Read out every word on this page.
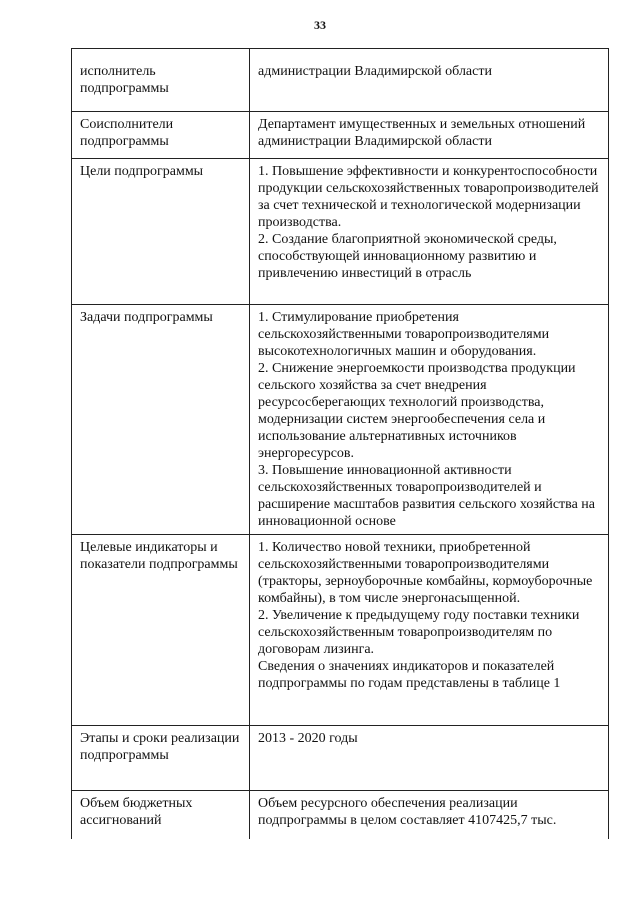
33
исполнитель подпрограммы	администрации Владимирской области

Соисполнители подпрограммы	Департамент имущественных и земельных отношений администрации Владимирской области

Цели подпрограммы	1. Повышение эффективности и конкурентоспособности продукции сельскохозяйственных товаропроизводителей за счет технической и технологической модернизации производства.
2. Создание благоприятной экономической среды, способствующей инновационному развитию и привлечению инвестиций в отрасль

Задачи подпрограммы	1. Стимулирование приобретения сельскохозяйственными товаропроизводителями высокотехнологичных машин и оборудования.
2. Снижение энергоемкости производства продукции сельского хозяйства за счет внедрения ресурсосберегающих технологий производства, модернизации систем энергообеспечения села и использование альтернативных источников энергоресурсов.
3. Повышение инновационной активности сельскохозяйственных товаропроизводителей и расширение масштабов развития сельского хозяйства на инновационной основе

Целевые индикаторы и показатели подпрограммы	1. Количество новой техники, приобретенной сельскохозяйственными товаропроизводителями (тракторы, зерноуборочные комбайны, кормоуборочные комбайны), в том числе энергонасыщенной.
2. Увеличение к предыдущему году поставки техники сельскохозяйственным товаропроизводителям по договорам лизинга.
Сведения о значениях индикаторов и показателей подпрограммы по годам представлены в таблице 1

Этапы и сроки реализации подпрограммы	2013 - 2020 годы

Объем бюджетных ассигнований	Объем ресурсного обеспечения реализации подпрограммы в целом составляет 4107425,7 тыс.
